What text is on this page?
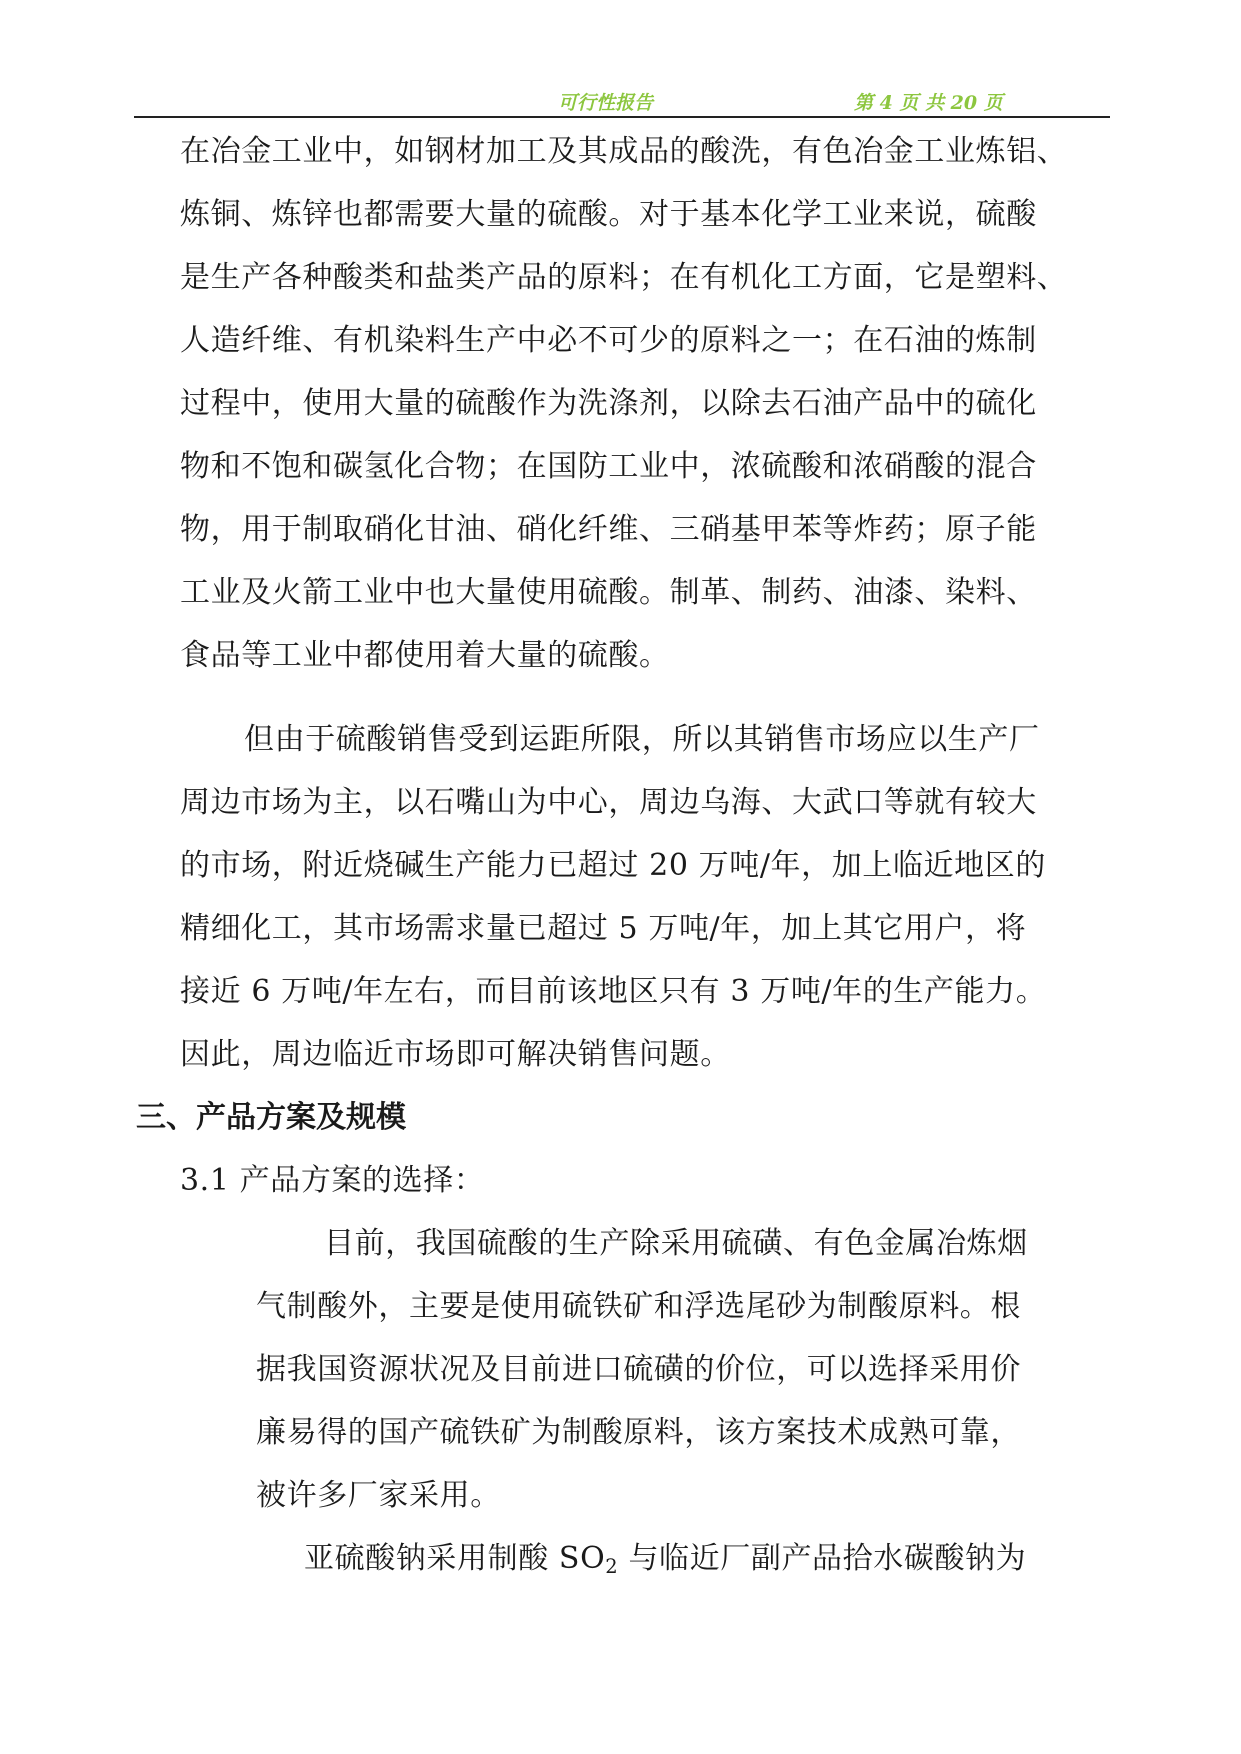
可行性报告	第 4 页 共 20 页
在冶金工业中，如钢材加工及其成品的酸洗，有色冶金工业炼铝、
炼铜、炼锌也都需要大量的硫酸。对于基本化学工业来说，硫酸
是生产各种酸类和盐类产品的原料；在有机化工方面，它是塑料、
人造纤维、有机染料生产中必不可少的原料之一；在石油的炼制
过程中，使用大量的硫酸作为洗涤剂，以除去石油产品中的硫化
物和不饱和碳氢化合物；在国防工业中，浓硫酸和浓硝酸的混合
物，用于制取硝化甘油、硝化纤维、三硝基甲苯等炸药；原子能
工业及火箭工业中也大量使用硫酸。制革、制药、油漆、染料、
食品等工业中都使用着大量的硫酸。
但由于硫酸销售受到运距所限，所以其销售市场应以生产厂
周边市场为主，以石嘴山为中心，周边乌海、大武口等就有较大
的市场，附近烧碱生产能力已超过 20 万吨/年，加上临近地区的
精细化工，其市场需求量已超过 5 万吨/年，加上其它用户，将
接近 6 万吨/年左右，而目前该地区只有 3 万吨/年的生产能力。
因此，周边临近市场即可解决销售问题。
三、产品方案及规模
3.1 产品方案的选择：
目前，我国硫酸的生产除采用硫磺、有色金属冶炼烟
气制酸外，主要是使用硫铁矿和浮选尾砂为制酸原料。根
据我国资源状况及目前进口硫磺的价位，可以选择采用价
廉易得的国产硫铁矿为制酸原料，该方案技术成熟可靠，
被许多厂家采用。
亚硫酸钠采用制酸 $SO_2$ 与临近厂副产品拾水碳酸钠为
